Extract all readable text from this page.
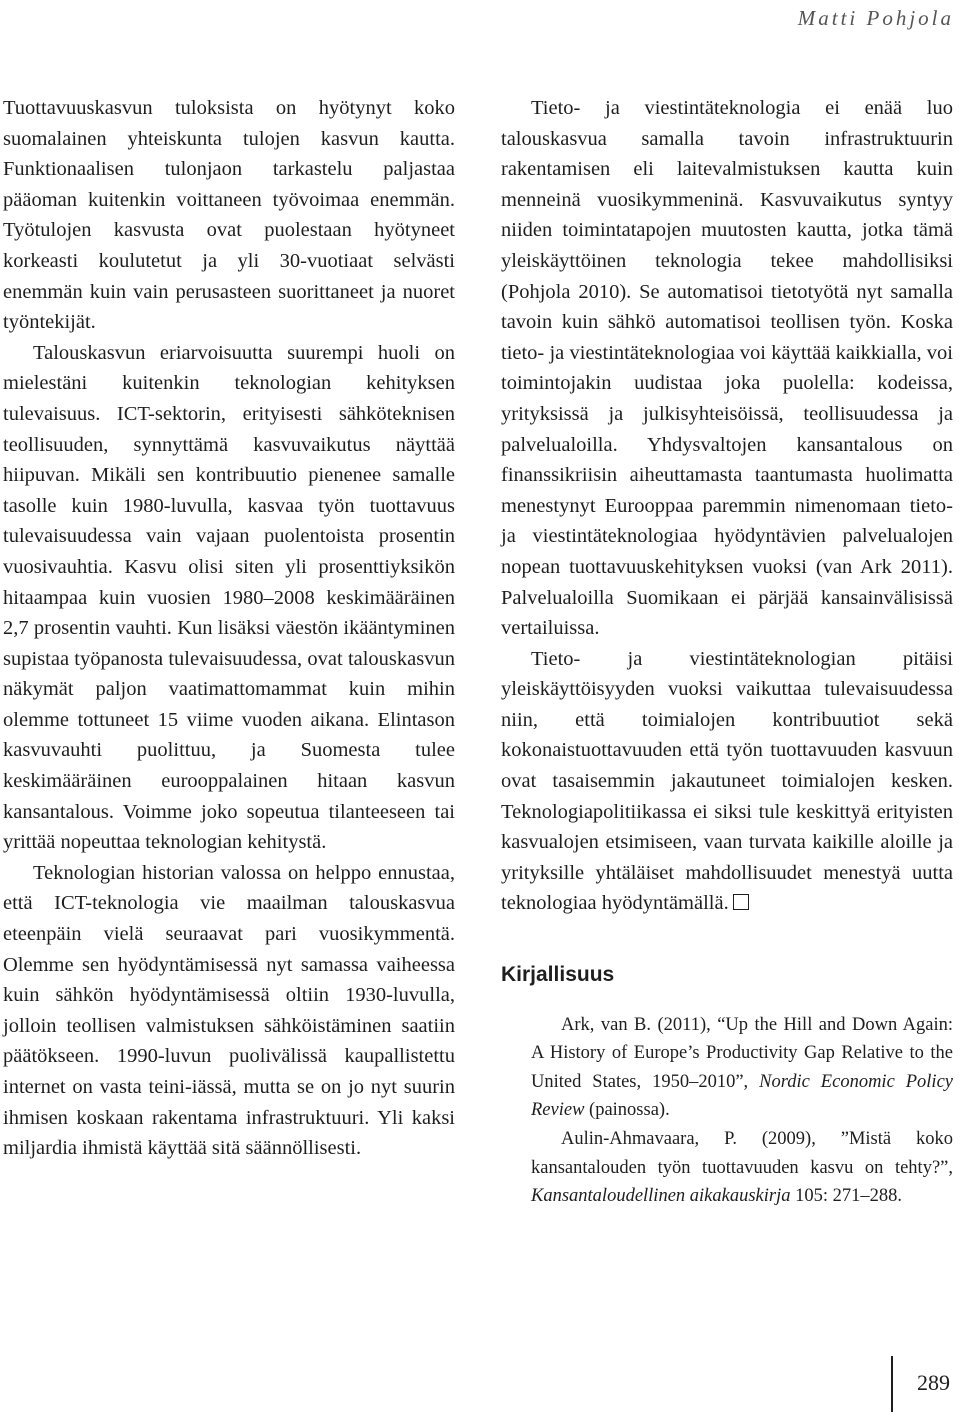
Matti Pohjola

Tuottavuuskasvun tuloksista on hyötynyt koko suomalainen yhteiskunta tulojen kasvun kautta. Funktionaalisen tulonjaon tarkastelu paljastaa pääoman kuitenkin voittaneen työvoimaa enemmän. Työtulojen kasvusta ovat puolestaan hyötyneet korkeasti koulutetut ja yli 30-vuotiaat selvästi enemmän kuin vain perusasteen suorittaneet ja nuoret työntekijät.

Talouskasvun eriarvoisuutta suurempi huoli on mielestäni kuitenkin teknologian kehityksen tulevaisuus. ICT-sektorin, erityisesti sähköteknisen teollisuuden, synnyttämä kasvuvaikutus näyttää hiipuvan. Mikäli sen kontribuutio pienenee samalle tasolle kuin 1980-luvulla, kasvaa työn tuottavuus tulevaisuudessa vain vajaan puolentoista prosentin vuosivauhtia. Kasvu olisi siten yli prosenttiyksikön hitaampaa kuin vuosien 1980–2008 keskimääräinen 2,7 prosentin vauhti. Kun lisäksi väestön ikääntyminen supistaa työpanosta tulevaisuudessa, ovat talouskasvun näkymät paljon vaatimattomammat kuin mihin olemme tottuneet 15 viime vuoden aikana. Elintason kasvuvauhti puolittuu, ja Suomesta tulee keskimääräinen eurooppalainen hitaan kasvun kansantalous. Voimme joko sopeutua tilanteeseen tai yrittää nopeuttaa teknologian kehitystä.

Teknologian historian valossa on helppo ennustaa, että ICT-teknologia vie maailman talouskasvua eteenpäin vielä seuraavat pari vuosikymmentä. Olemme sen hyödyntämisessä nyt samassa vaiheessa kuin sähkön hyödyntämisessä oltiin 1930-luvulla, jolloin teollisen valmistuksen sähköistäminen saatiin päätökseen. 1990-luvun puolivälissä kaupallistettu internet on vasta teini-iässä, mutta se on jo nyt suurin ihmisen koskaan rakentama infrastruktuuri. Yli kaksi miljardia ihmistä käyttää sitä säännöllisesti.

Tieto- ja viestintäteknologia ei enää luo talouskasvua samalla tavoin infrastruktuurin rakentamisen eli laitevalmistuksen kautta kuin menneinä vuosikymmeninä. Kasvuvaikutus syntyy niiden toimintatapojen muutosten kautta, jotka tämä yleiskäyttöinen teknologia tekee mahdollisiksi (Pohjola 2010). Se automatisoi tietotyötä nyt samalla tavoin kuin sähkö automatisoi teollisen työn. Koska tieto- ja viestintäteknologiaa voi käyttää kaikkialla, voi toimintojakin uudistaa joka puolella: kodeissa, yrityksissä ja julkisyhteisöissä, teollisuudessa ja palvelualoilla. Yhdysvaltojen kansantalous on finanssikriisin aiheuttamasta taantumasta huolimatta menestynyt Eurooppaa paremmin nimenomaan tieto- ja viestintäteknologiaa hyödyntävien palvelualojen nopean tuottavuuskehityksen vuoksi (van Ark 2011). Palvelualoilla Suomikaan ei pärjää kansainvälisissä vertailuissa.

Tieto- ja viestintäteknologian pitäisi yleiskäyttöisyyden vuoksi vaikuttaa tulevaisuudessa niin, että toimialojen kontribuutiot sekä kokonaistuottavuuden että työn tuottavuuden kasvuun ovat tasaisemmin jakautuneet toimialojen kesken. Teknologiapolitiikassa ei siksi tule keskittyä erityisten kasvualojen etsimiseen, vaan turvata kaikille aloille ja yrityksille yhtäläiset mahdollisuudet menestyä uutta teknologiaa hyödyntämällä.

Kirjallisuus

Ark, van B. (2011), “Up the Hill and Down Again: A History of Europe’s Productivity Gap Relative to the United States, 1950–2010”, Nordic Economic Policy Review (painossa).

Aulin-Ahmavaara, P. (2009), ”Mistä koko kansantalouden työn tuottavuuden kasvu on tehty?”, Kansantaloudellinen aikakauskirja 105: 271–288.

289
